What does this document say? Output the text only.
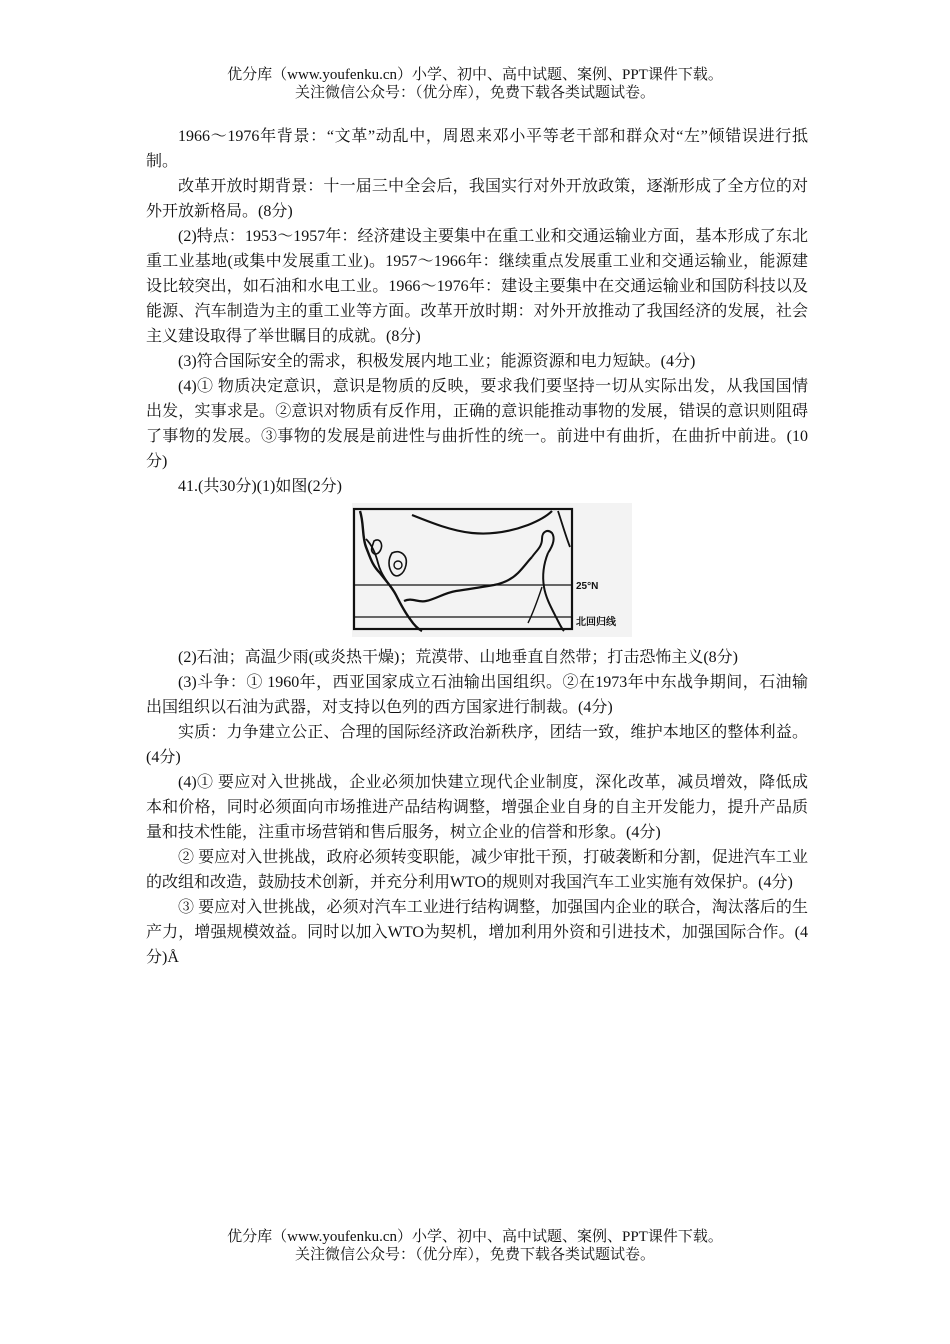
优分库（www.youfenku.cn）小学、初中、高中试题、案例、PPT课件下载。
关注微信公众号：（优分库），免费下载各类试题试卷。

1966～1976年背景：“文革”动乱中，周恩来邓小平等老干部和群众对“左”倾错误进行抵制。

改革开放时期背景：十一届三中全会后，我国实行对外开放政策，逐渐形成了全方位的对外开放新格局。(8分)

(2)特点：1953～1957年：经济建设主要集中在重工业和交通运输业方面，基本形成了东北重工业基地(或集中发展重工业)。1957～1966年：继续重点发展重工业和交通运输业，能源建设比较突出，如石油和水电工业。1966～1976年：建设主要集中在交通运输业和国防科技以及能源、汽车制造为主的重工业等方面。改革开放时期：对外开放推动了我国经济的发展，社会主义建设取得了举世瞩目的成就。(8分)

(3)符合国际安全的需求，积极发展内地工业；能源资源和电力短缺。(4分)

(4)① 物质决定意识，意识是物质的反映，要求我们要坚持一切从实际出发，从我国国情出发，实事求是。②意识对物质有反作用，正确的意识能推动事物的发展，错误的意识则阻碍了事物的发展。③事物的发展是前进性与曲折性的统一。前进中有曲折，在曲折中前进。(10分)

41.(共30分)(1)如图(2分)

25°N
北回归线

(2)石油；高温少雨(或炎热干燥)；荒漠带、山地垂直自然带；打击恐怖主义(8分)

(3)斗争：① 1960年，西亚国家成立石油输出国组织。②在1973年中东战争期间，石油输出国组织以石油为武器，对支持以色列的西方国家进行制裁。(4分)

实质：力争建立公正、合理的国际经济政治新秩序，团结一致，维护本地区的整体利益。(4分)

(4)① 要应对入世挑战，企业必须加快建立现代企业制度，深化改革，减员增效，降低成本和价格，同时必须面向市场推进产品结构调整，增强企业自身的自主开发能力，提升产品质量和技术性能，注重市场营销和售后服务，树立企业的信誉和形象。(4分)

② 要应对入世挑战，政府必须转变职能，减少审批干预，打破袭断和分割，促进汽车工业的改组和改造，鼓励技术创新，并充分利用WTO的规则对我国汽车工业实施有效保护。(4分)

③ 要应对入世挑战，必须对汽车工业进行结构调整，加强国内企业的联合，淘汰落后的生产力，增强规模效益。同时以加入WTO为契机，增加利用外资和引进技术，加强国际合作。(4分)Å

优分库（www.youfenku.cn）小学、初中、高中试题、案例、PPT课件下载。
关注微信公众号：（优分库），免费下载各类试题试卷。
